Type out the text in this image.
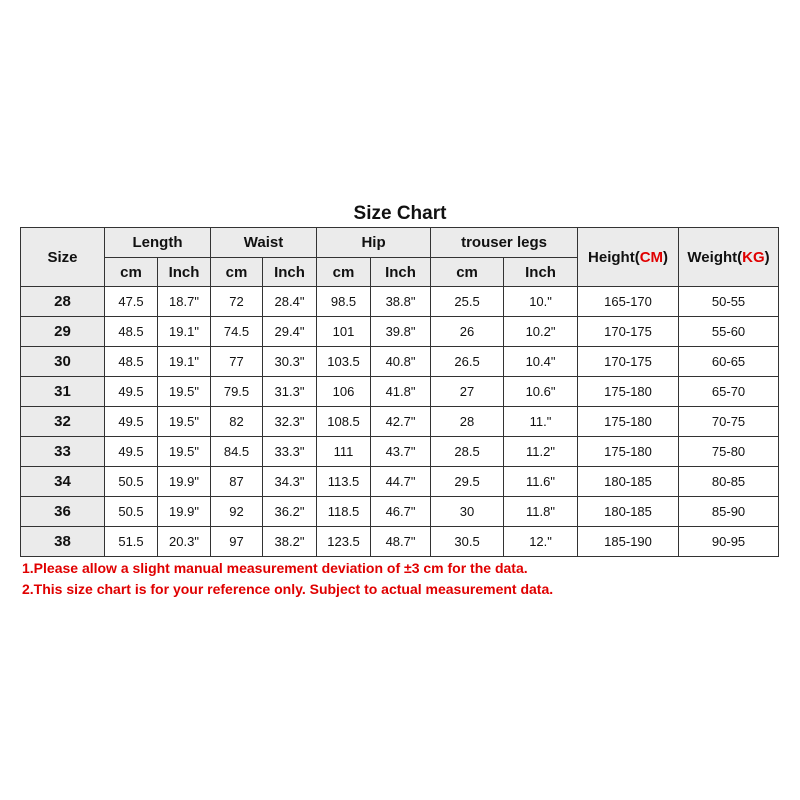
Size Chart
Size	Length		Waist		Hip		trouser legs		Height(CM)	Weight(KG)
	cm	Inch	cm	Inch	cm	Inch	cm	Inch		
28	47.5	18.7"	72	28.4"	98.5	38.8"	25.5	10."	165-170	50-55
29	48.5	19.1"	74.5	29.4"	101	39.8"	26	10.2"	170-175	55-60
30	48.5	19.1"	77	30.3"	103.5	40.8"	26.5	10.4"	170-175	60-65
31	49.5	19.5"	79.5	31.3"	106	41.8"	27	10.6"	175-180	65-70
32	49.5	19.5"	82	32.3"	108.5	42.7"	28	11."	175-180	70-75
33	49.5	19.5"	84.5	33.3"	111	43.7"	28.5	11.2"	175-180	75-80
34	50.5	19.9"	87	34.3"	113.5	44.7"	29.5	11.6"	180-185	80-85
36	50.5	19.9"	92	36.2"	118.5	46.7"	30	11.8"	180-185	85-90
38	51.5	20.3"	97	38.2"	123.5	48.7"	30.5	12."	185-190	90-95
1.Please allow a slight manual measurement deviation of ±3 cm for the data.
2.This size chart is for your reference only. Subject to actual measurement data.
